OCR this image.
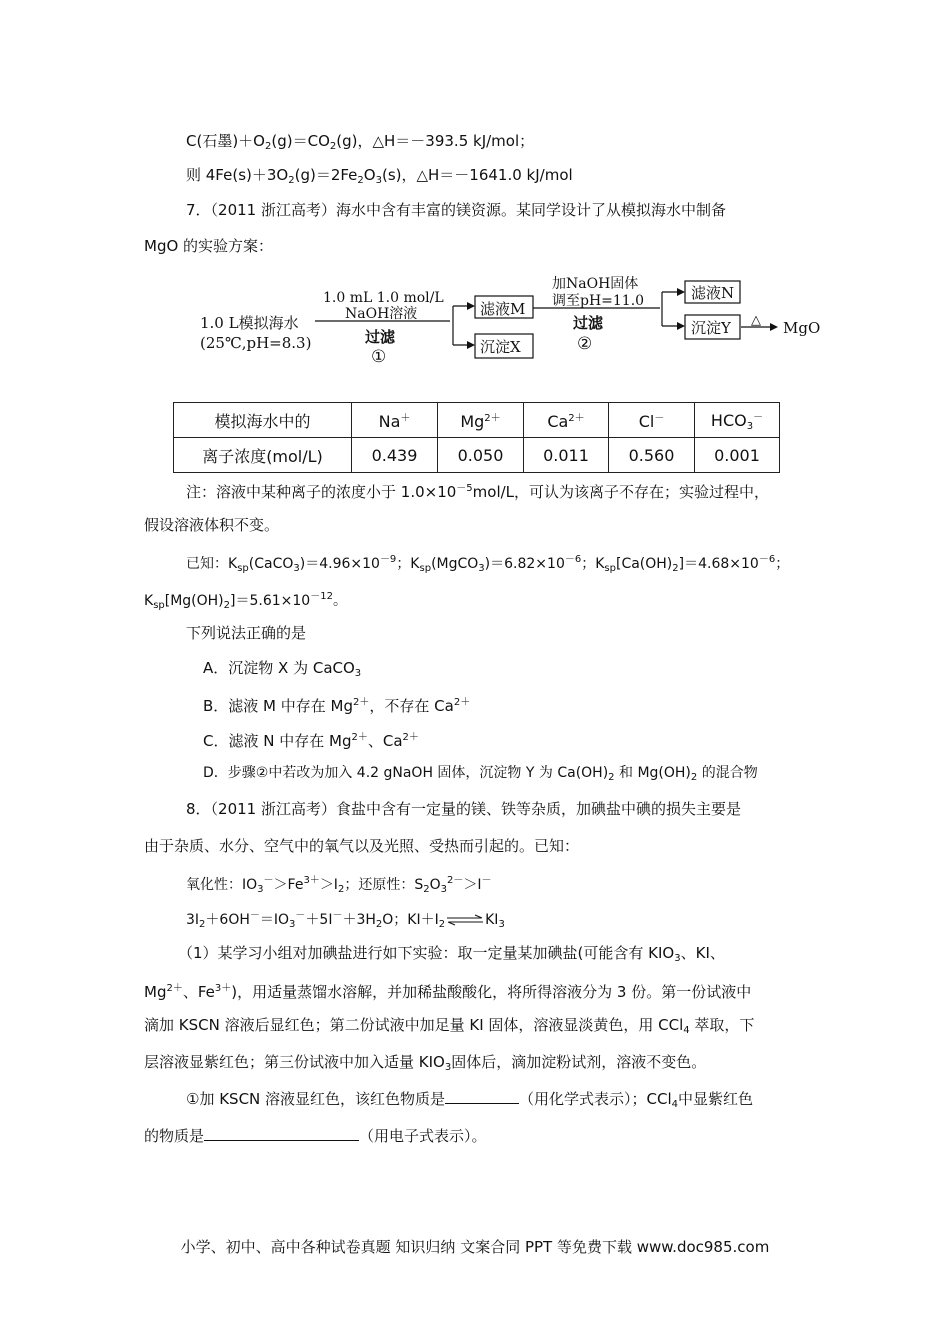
C(石墨)$+O_2(g)=CO_2(g)$，△H＝－393.5 kJ/mol；
则 $4Fe(s)+3O_2(g)=2Fe_2O_3(s)$，△H＝－1641.0 kJ/mol
7．（2011 浙江高考）海水中含有丰富的镁资源。某同学设计了从模拟海水中制备
MgO 的实验方案：
1.0 L模拟海水
(25℃,pH=8.3)
1.0 mL 1.0 mol/L
NaOH溶液
过滤
①
加NaOH固体
调至pH=11.0
过滤
②
滤液M
沉淀X
滤液N
沉淀Y △ MgO
模拟海水中的	Na＋	$Mg^{2+}$	$Ca^{2+}$	Cl－	$HCO_3^-$
离子浓度(mol/L)	0.439	0.050	0.011	0.560	0.001
注：溶液中某种离子的浓度小于 $1.0\times 10^{-5}mol/L$，可认为该离子不存在；实验过程中，
假设溶液体积不变。
已知：$K_{sp}(CaCO_3)=4.96\times 10^{-9}$；$K_{sp}(MgCO_3)=6.82\times 10^{-6}$；$K_{sp}[Ca(OH)_2]=4.68\times 10^{-6}$；
$K_{sp}[Mg(OH)_2]=5.61\times 10^{-12}$。
下列说法正确的是
A．沉淀物 X 为 CaCO$_3$
B．滤液 M 中存在 $Mg^{2+}$，不存在 $Ca^{2+}$
C．滤液 N 中存在 $Mg^{2+}$、$Ca^{2+}$
D．步骤②中若改为加入 4.2 gNaOH 固体，沉淀物 Y 为 $Ca(OH)_2$ 和 $Mg(OH)_2$ 的混合物
8．（2011 浙江高考）食盐中含有一定量的镁、铁等杂质，加碘盐中碘的损失主要是
由于杂质、水分、空气中的氧气以及光照、受热而引起的。已知：
氧化性：$IO_3^->Fe^{3+}>I_2$；还原性：$S_2O_3^{2-}>I^-$
$3I_2+6OH^-=IO_3^-+5I^-+3H_2O$；$KI+I_2\rightleftharpoons KI_3$
（1）某学习小组对加碘盐进行如下实验：取一定量某加碘盐(可能含有 $KIO_3$、KI、
$Mg^{2+}$、$Fe^{3+}$)，用适量蒸馏水溶解，并加稀盐酸酸化，将所得溶液分为 3 份。第一份试液中
滴加 KSCN 溶液后显红色；第二份试液中加足量 KI 固体，溶液显淡黄色，用 CCl$_4$ 萃取，下
层溶液显紫红色；第三份试液中加入适量 $KIO_3$固体后，滴加淀粉试剂，溶液不变色。
①加 KSCN 溶液显红色，该红色物质是	（用化学式表示）；CCl$_4$中显紫红色
的物质是	（用电子式表示）。
小学、初中、高中各种试卷真题 知识归纳 文案合同 PPT 等免费下载 www.doc985.com
